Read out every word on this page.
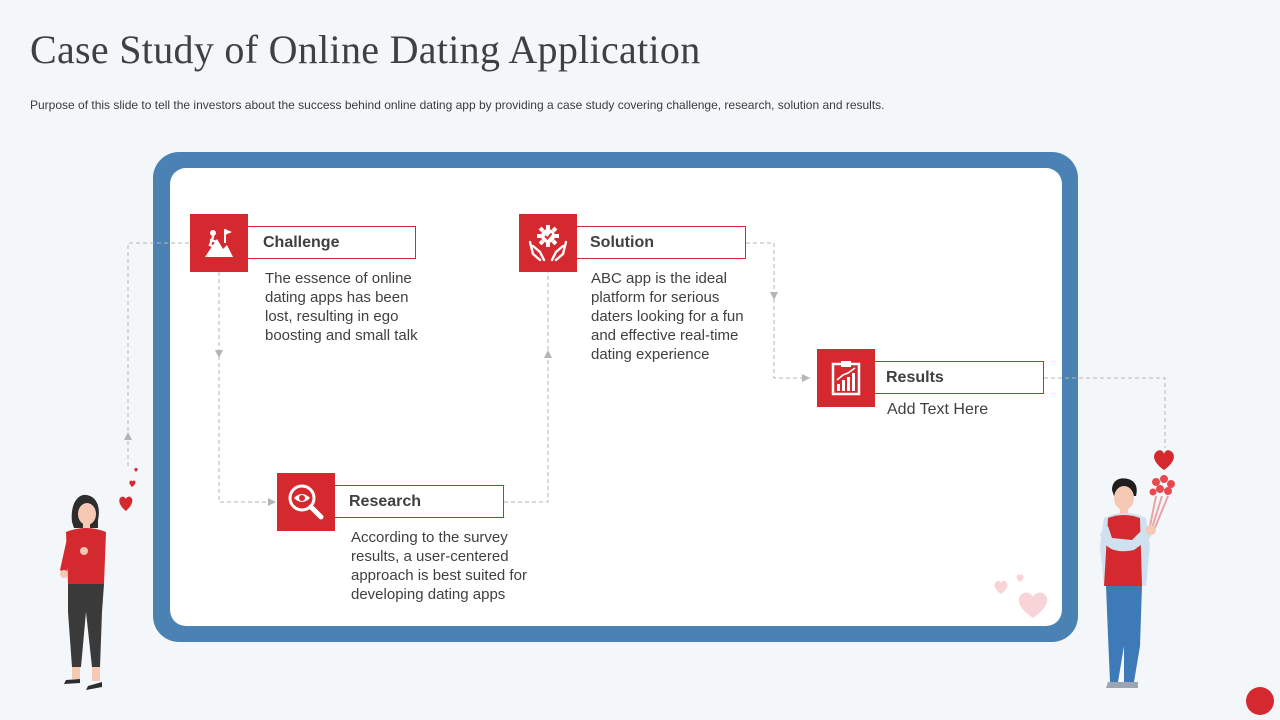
Case Study of Online Dating Application
Purpose of this slide to tell the investors about the success behind online dating app by providing a case study covering challenge, research, solution and results.
Challenge
The essence of online dating apps has been lost, resulting in ego boosting and small talk
Research
According to the survey results, a user-centered approach is best suited for developing dating apps
Solution
ABC app is the ideal platform for serious daters looking for a fun and effective real-time dating experience
Results
Add Text Here
